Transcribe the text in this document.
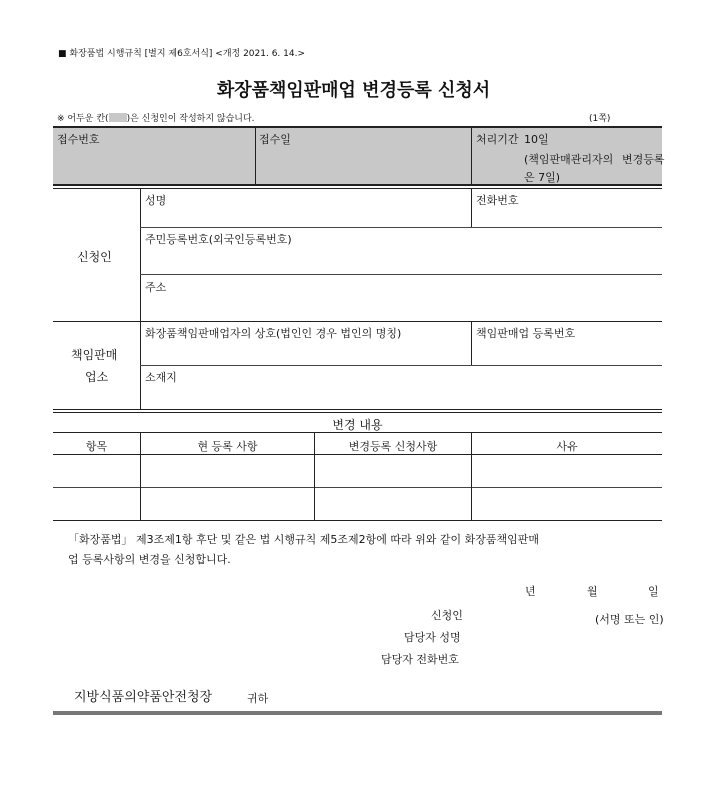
■ 화장품법 시행규칙 [별지 제6호서식] <개정 2021. 6. 14.>
화장품책임판매업 변경등록 신청서
※ 어두운 칸( )은 신청인이 작성하지 않습니다.	(1쪽)
접수번호	접수일	처리기간 10일
(책임판매관리자의 변경등록
은 7일)
신청인
성명	전화번호
주민등록번호(외국인등록번호)
주소
책임판매
업소
화장품책임판매업자의 상호(법인인 경우 법인의 명칭)	책임판매업 등록번호
소재지
변경 내용
항목	현 등록 사항	변경등록 신청사항	사유
「화장품법」 제3조제1항 후단 및 같은 법 시행규칙 제5조제2항에 따라 위와 같이 화장품책임판매
업 등록사항의 변경을 신청합니다.
년	월	일
신청인	(서명 또는 인)
담당자 성명
담당자 전화번호
지방식품의약품안전청장	귀하
